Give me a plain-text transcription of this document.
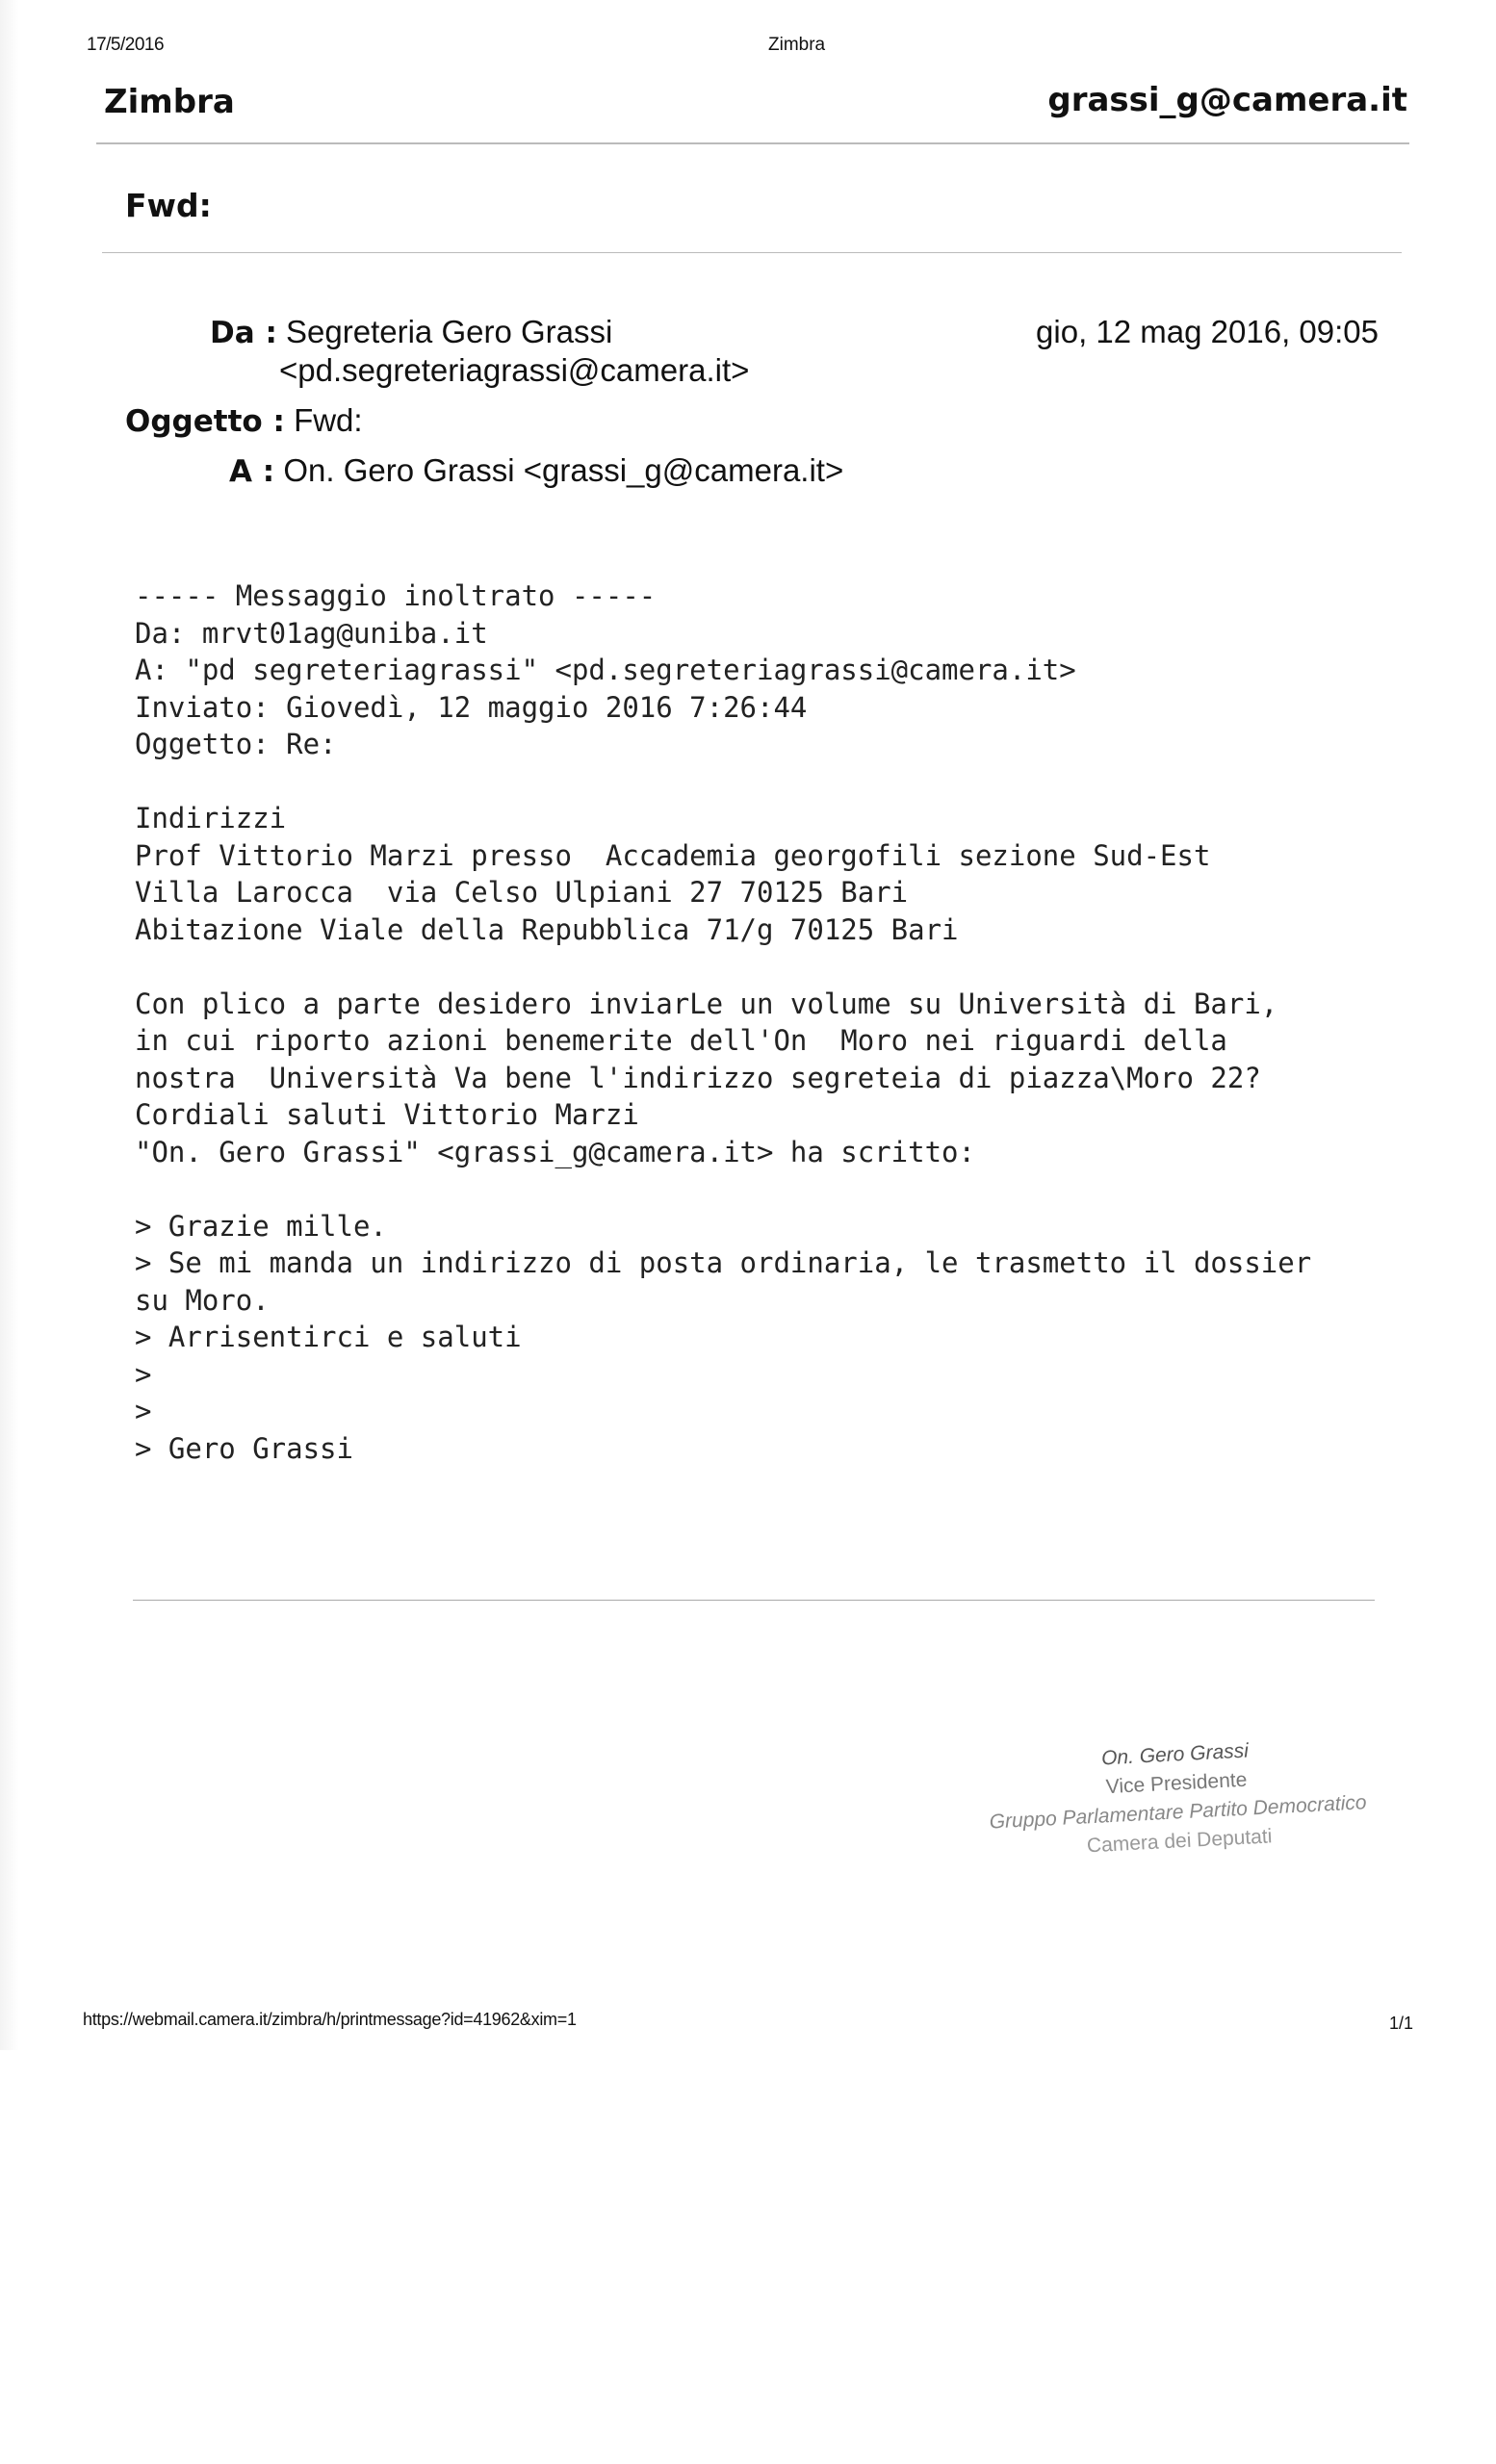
17/5/2016	Zimbra
Zimbra	grassi_g@camera.it
Fwd:
Da : Segreteria Gero Grassi
<pd.segreteriagrassi@camera.it>
gio, 12 mag 2016, 09:05
Oggetto : Fwd:
A : On. Gero Grassi <grassi_g@camera.it>
----- Messaggio inoltrato -----
Da: mrvt01ag@uniba.it
A: "pd segreteriagrassi" <pd.segreteriagrassi@camera.it>
Inviato: Giovedì, 12 maggio 2016 7:26:44
Oggetto: Re:

Indirizzi
Prof Vittorio Marzi presso  Accademia georgofili sezione Sud-Est
Villa Larocca  via Celso Ulpiani 27 70125 Bari
Abitazione Viale della Repubblica 71/g 70125 Bari

Con plico a parte desidero inviarLe un volume su Università di Bari,
in cui riporto azioni benemerite dell'On  Moro nei riguardi della
nostra  Università Va bene l'indirizzo segreteia di piazza\Moro 22?
Cordiali saluti Vittorio Marzi
"On. Gero Grassi" <grassi_g@camera.it> ha scritto:

> Grazie mille.
> Se mi manda un indirizzo di posta ordinaria, le trasmetto il dossier
su Moro.
> Arrisentirci e saluti
>
>
> Gero Grassi
On. Gero Grassi
Vice Presidente
Gruppo Parlamentare Partito Democratico
Camera dei Deputati
https://webmail.camera.it/zimbra/h/printmessage?id=41962&xim=1	1/1
